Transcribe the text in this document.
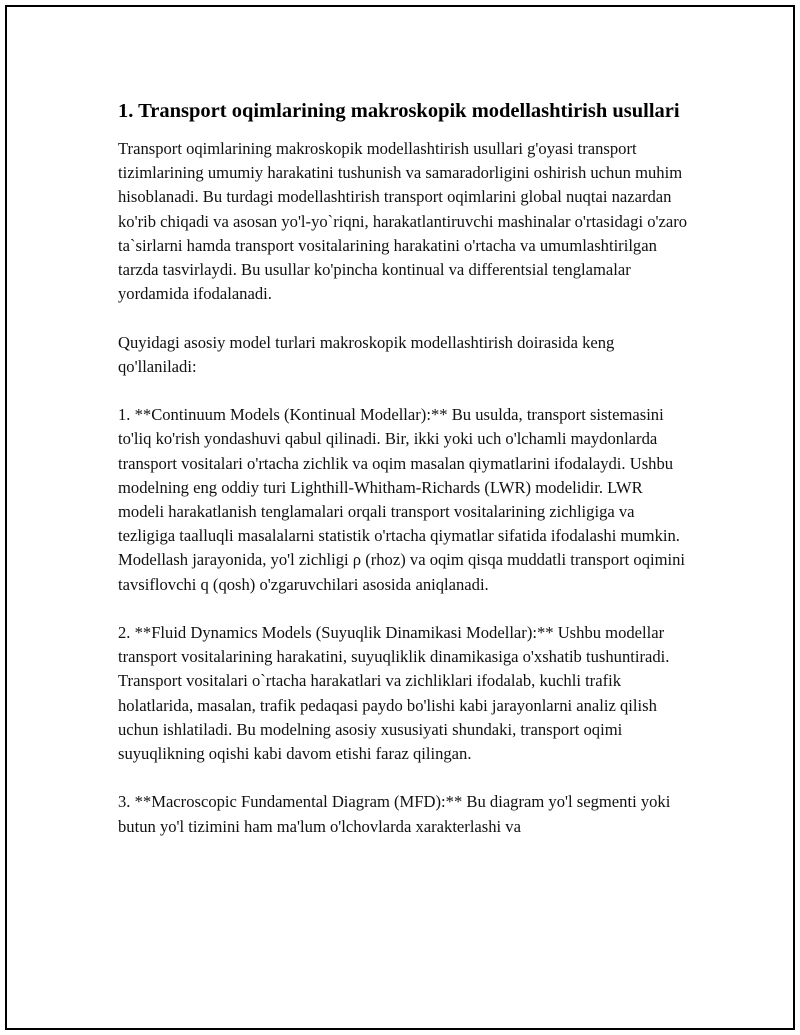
1. Transport oqimlarining makroskopik modellashtirish usullari

Transport oqimlarining makroskopik modellashtirish usullari g'oyasi transport tizimlarining umumiy harakatini tushunish va samaradorligini oshirish uchun muhim hisoblanadi. Bu turdagi modellashtirish transport oqimlarini global nuqtai nazardan ko'rib chiqadi va asosan yo'l-yo`riqni, harakatlantiruvchi mashinalar o'rtasidagi o'zaro ta`sirlarni hamda transport vositalarining harakatini o'rtacha va umumlashtirilgan tarzda tasvirlaydi. Bu usullar ko'pincha kontinual va differentsial tenglamalar yordamida ifodalanadi.

Quyidagi asosiy model turlari makroskopik modellashtirish doirasida keng qo'llaniladi:

1. **Continuum Models (Kontinual Modellar):** Bu usulda, transport sistemasini to'liq ko'rish yondashuvi qabul qilinadi. Bir, ikki yoki uch o'lchamli maydonlarda transport vositalari o'rtacha zichlik va oqim masalan qiymatlarini ifodalaydi. Ushbu modelning eng oddiy turi Lighthill-Whitham-Richards (LWR) modelidir. LWR modeli harakatlanish tenglamalari orqali transport vositalarining zichligiga va tezligiga taalluqli masalalarni statistik o'rtacha qiymatlar sifatida ifodalashi mumkin. Modellash jarayonida, yo'l zichligi ρ (rhoz) va oqim qisqa muddatli transport oqimini tavsiflovchi q (qosh) o'zgaruvchilari asosida aniqlanadi.

2. **Fluid Dynamics Models (Suyuqlik Dinamikasi Modellar):** Ushbu modellar transport vositalarining harakatini, suyuqliklik dinamikasiga o'xshatib tushuntiradi. Transport vositalari o`rtacha harakatlari va zichliklari ifodalab, kuchli trafik holatlarida, masalan, trafik pedaqasi paydo bo'lishi kabi jarayonlarni analiz qilish uchun ishlatiladi. Bu modelning asosiy xususiyati shundaki, transport oqimi suyuqlikning oqishi kabi davom etishi faraz qilingan.

3. **Macroscopic Fundamental Diagram (MFD):** Bu diagram yo'l segmenti yoki butun yo'l tizimini ham ma'lum o'lchovlarda xarakterlashi va
